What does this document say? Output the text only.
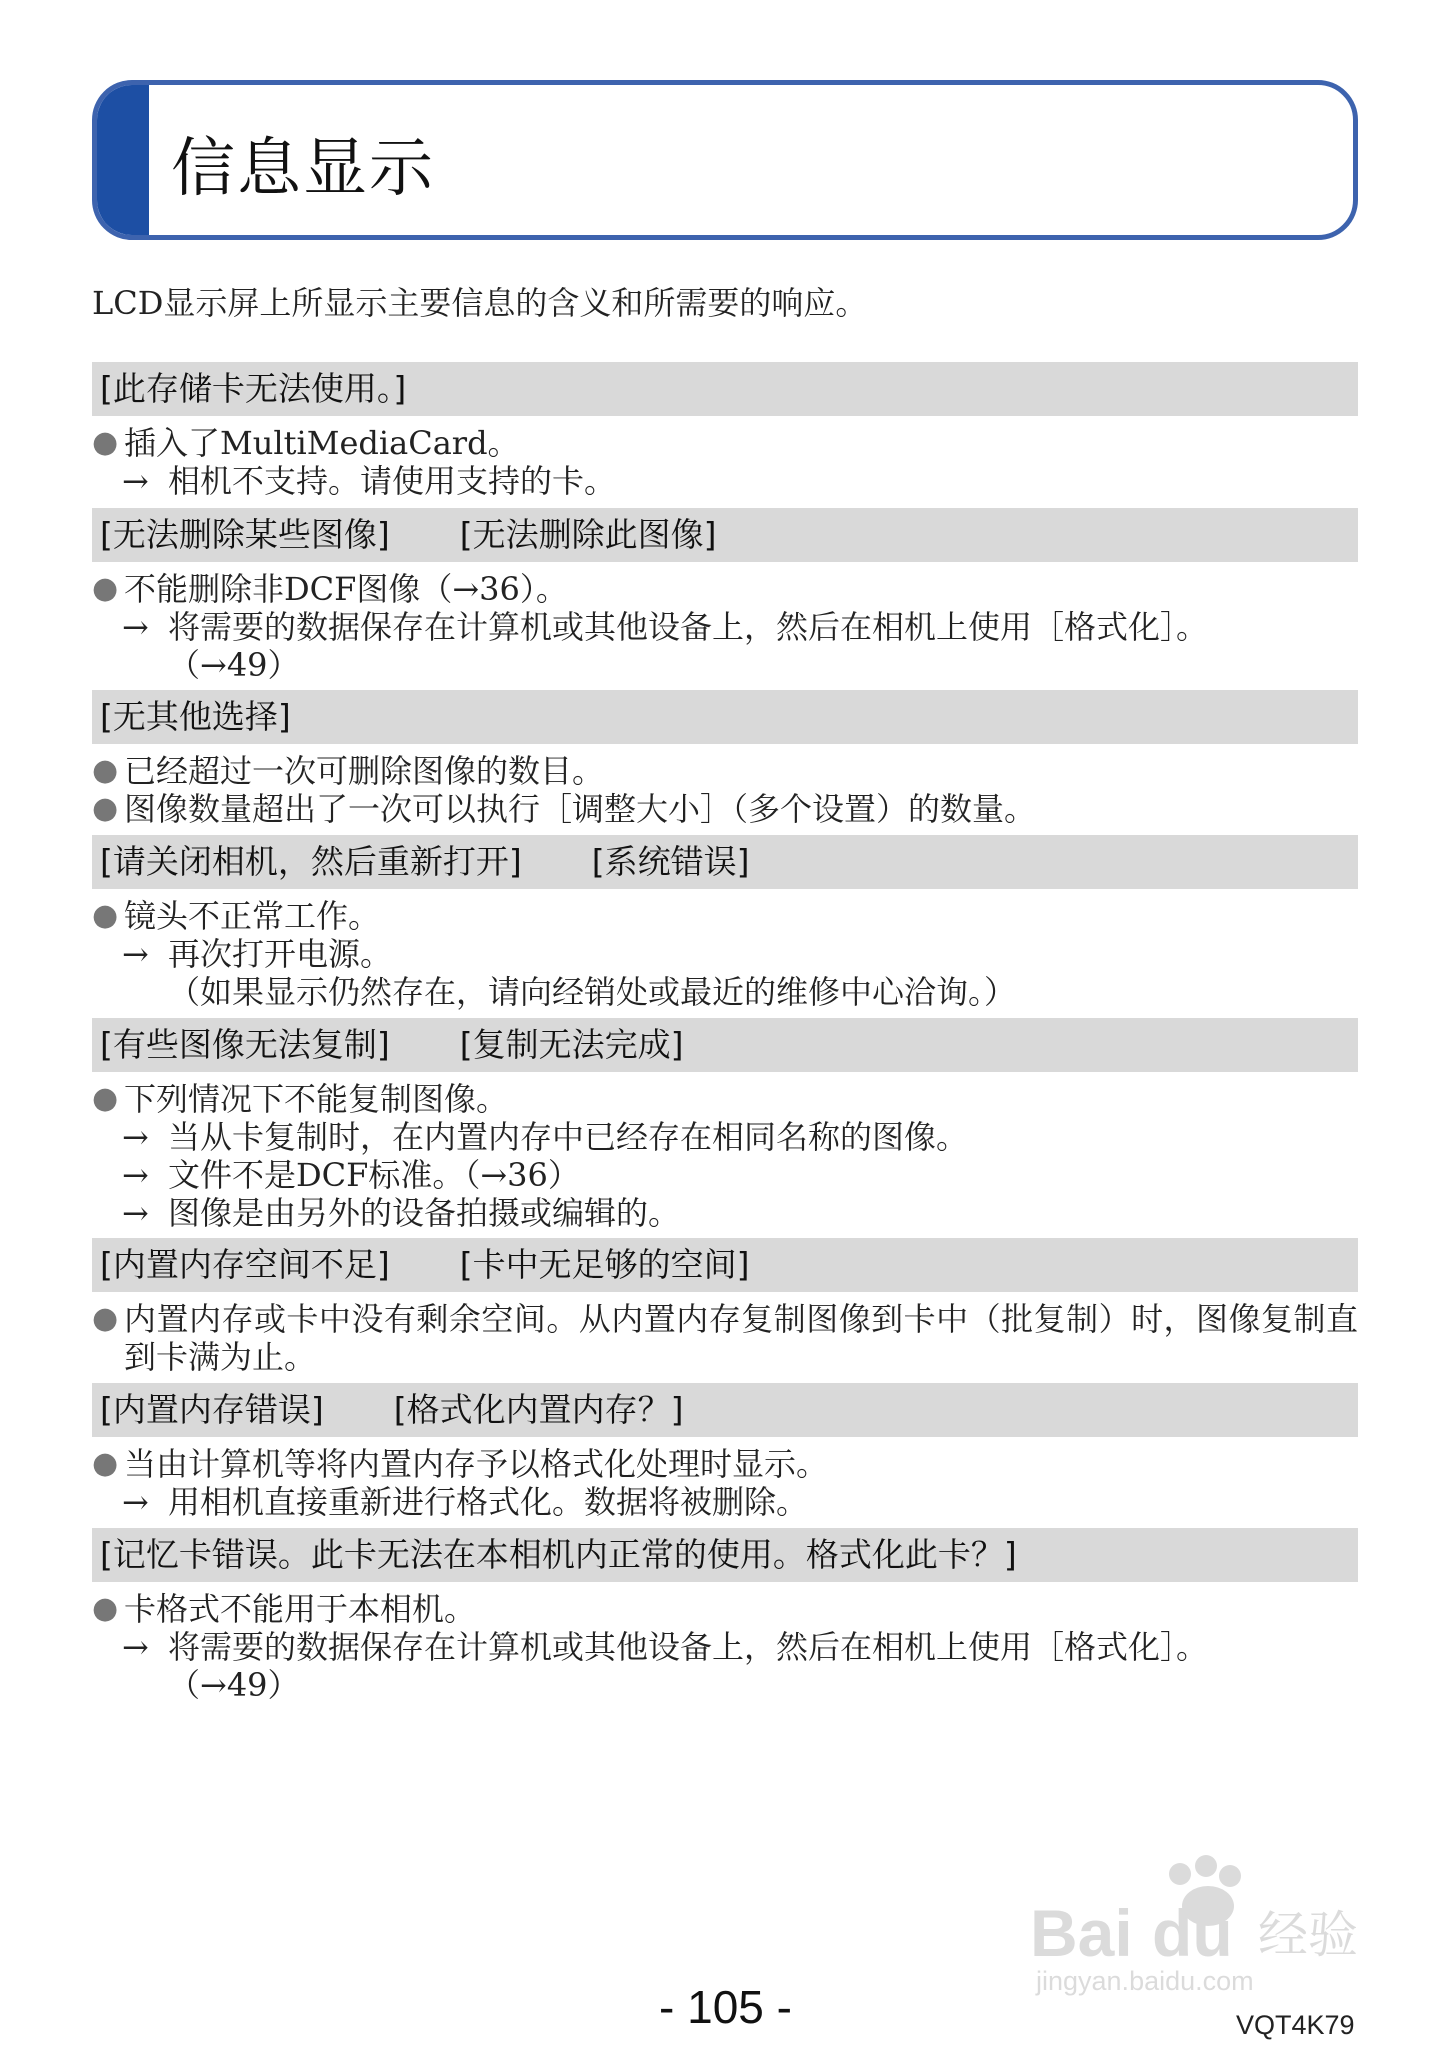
信息显示
LCD显示屏上所显示主要信息的含义和所需要的响应。
[此存储卡无法使用。]
● 插入了MultiMediaCard。
→ 相机不支持。请使用支持的卡。
[无法删除某些图像] [无法删除此图像]
● 不能删除非DCF图像（→36）。
→ 将需要的数据保存在计算机或其他设备上，然后在相机上使用［格式化］。
（→49）
[无其他选择]
● 已经超过一次可删除图像的数目。
● 图像数量超出了一次可以执行［调整大小］（多个设置）的数量。
[请关闭相机，然后重新打开] [系统错误]
● 镜头不正常工作。
→ 再次打开电源。
（如果显示仍然存在，请向经销处或最近的维修中心洽询。）
[有些图像无法复制] [复制无法完成]
● 下列情况下不能复制图像。
→ 当从卡复制时，在内置内存中已经存在相同名称的图像。
→ 文件不是DCF标准。（→36）
→ 图像是由另外的设备拍摄或编辑的。
[内置内存空间不足] [卡中无足够的空间]
● 内置内存或卡中没有剩余空间。从内置内存复制图像到卡中（批复制）时，图像复制直到卡满为止。
[内置内存错误] [格式化内置内存？]
● 当由计算机等将内置内存予以格式化处理时显示。
→ 用相机直接重新进行格式化。数据将被删除。
[记忆卡错误。此卡无法在本相机内正常的使用。格式化此卡？]
● 卡格式不能用于本相机。
→ 将需要的数据保存在计算机或其他设备上，然后在相机上使用［格式化］。
（→49）
- 105 -	VQT4K79
Bai du 经验
jingyan.baidu.com
